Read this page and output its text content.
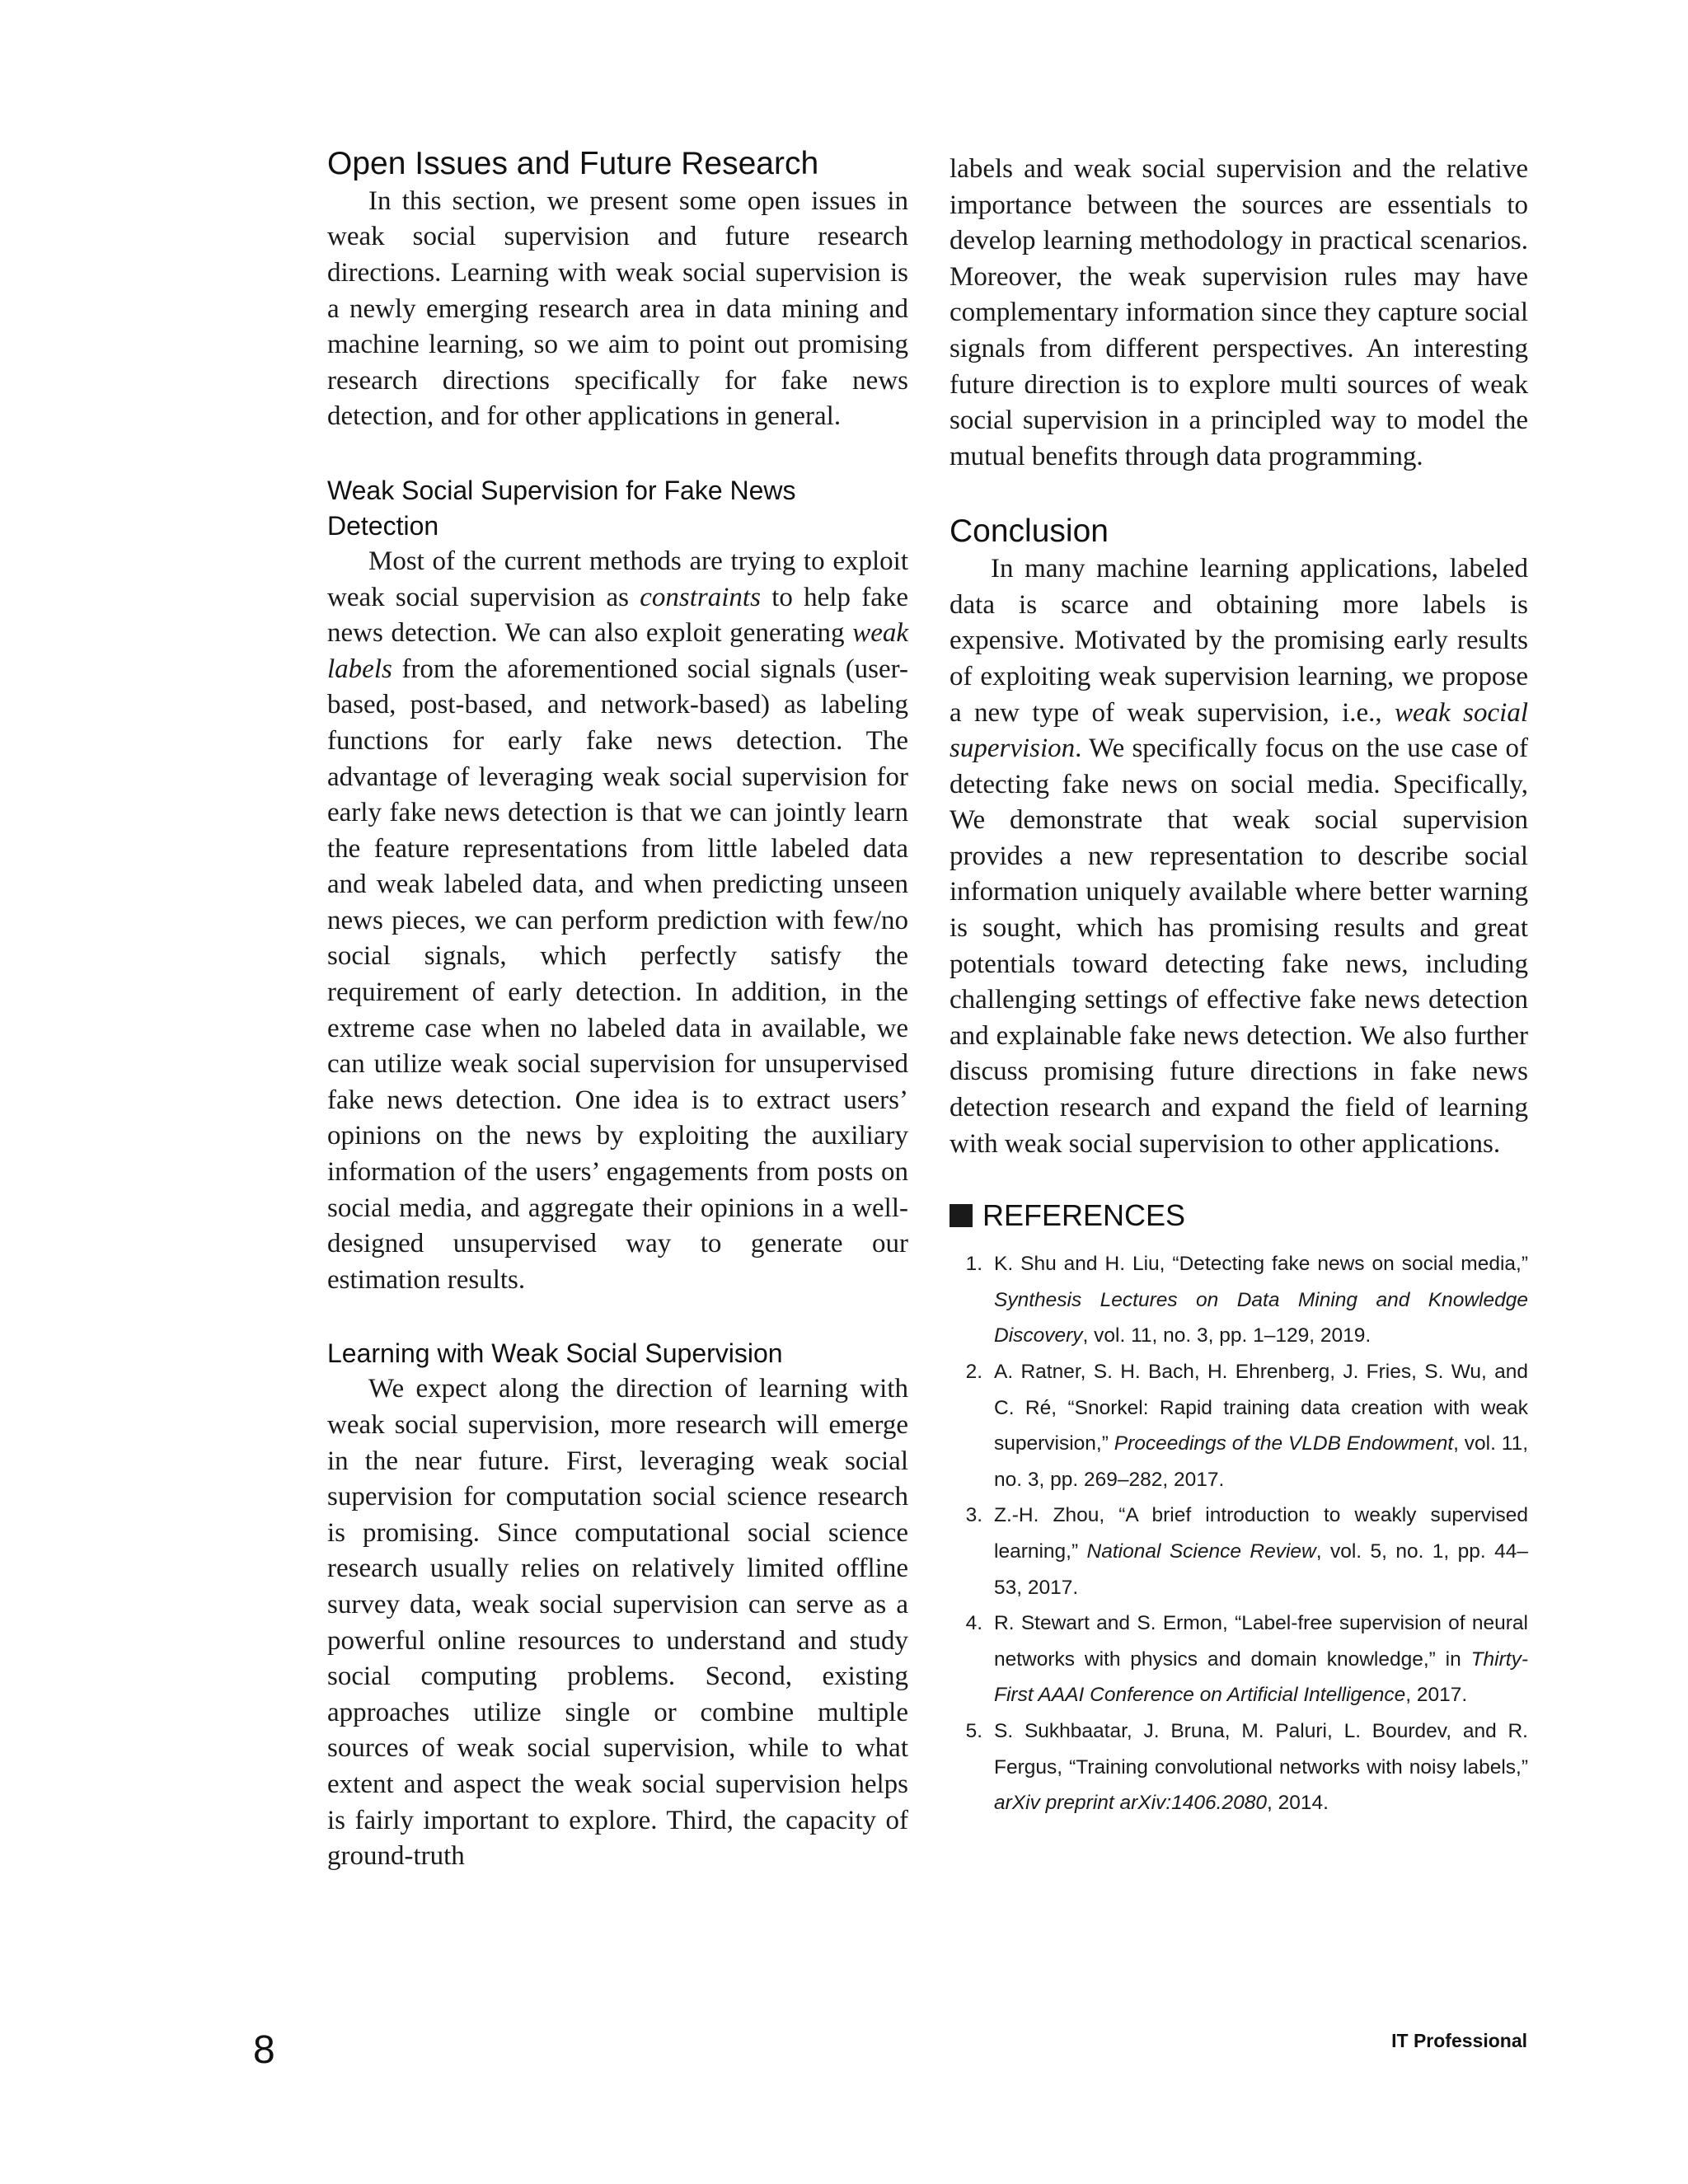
Open Issues and Future Research

In this section, we present some open issues in weak social supervision and future research directions. Learning with weak social supervision is a newly emerging research area in data mining and machine learning, so we aim to point out promising research directions specifically for fake news detection, and for other applications in general.

Weak Social Supervision for Fake News Detection

Most of the current methods are trying to exploit weak social supervision as constraints to help fake news detection. We can also exploit generating weak labels from the aforementioned social signals (user-based, post-based, and network-based) as labeling functions for early fake news detection. The advantage of leveraging weak social supervision for early fake news detection is that we can jointly learn the feature representations from little labeled data and weak labeled data, and when predicting unseen news pieces, we can perform prediction with few/no social signals, which perfectly satisfy the requirement of early detection. In addition, in the extreme case when no labeled data in available, we can utilize weak social supervision for unsupervised fake news detection. One idea is to extract users’ opinions on the news by exploiting the auxiliary information of the users’ engagements from posts on social media, and aggregate their opinions in a well-designed unsupervised way to generate our estimation results.

Learning with Weak Social Supervision

We expect along the direction of learning with weak social supervision, more research will emerge in the near future. First, leveraging weak social supervision for computation social science research is promising. Since computational social science research usually relies on relatively limited offline survey data, weak social supervision can serve as a powerful online resources to understand and study social computing problems. Second, existing approaches utilize single or combine multiple sources of weak social supervision, while to what extent and aspect the weak social supervision helps is fairly important to explore. Third, the capacity of ground-truth

labels and weak social supervision and the relative importance between the sources are essentials to develop learning methodology in practical scenarios. Moreover, the weak supervision rules may have complementary information since they capture social signals from different perspectives. An interesting future direction is to explore multi sources of weak social supervision in a principled way to model the mutual benefits through data programming.

Conclusion

In many machine learning applications, labeled data is scarce and obtaining more labels is expensive. Motivated by the promising early results of exploiting weak supervision learning, we propose a new type of weak supervision, i.e., weak social supervision. We specifically focus on the use case of detecting fake news on social media. Specifically, We demonstrate that weak social supervision provides a new representation to describe social information uniquely available where better warning is sought, which has promising results and great potentials toward detecting fake news, including challenging settings of effective fake news detection and explainable fake news detection. We also further discuss promising future directions in fake news detection research and expand the field of learning with weak social supervision to other applications.

REFERENCES
1. K. Shu and H. Liu, “Detecting fake news on social media,” Synthesis Lectures on Data Mining and Knowledge Discovery, vol. 11, no. 3, pp. 1–129, 2019.
2. A. Ratner, S. H. Bach, H. Ehrenberg, J. Fries, S. Wu, and C. Ré, “Snorkel: Rapid training data creation with weak supervision,” Proceedings of the VLDB Endowment, vol. 11, no. 3, pp. 269–282, 2017.
3. Z.-H. Zhou, “A brief introduction to weakly supervised learning,” National Science Review, vol. 5, no. 1, pp. 44–53, 2017.
4. R. Stewart and S. Ermon, “Label-free supervision of neural networks with physics and domain knowledge,” in Thirty-First AAAI Conference on Artificial Intelligence, 2017.
5. S. Sukhbaatar, J. Bruna, M. Paluri, L. Bourdev, and R. Fergus, “Training convolutional networks with noisy labels,” arXiv preprint arXiv:1406.2080, 2014.
8	IT Professional
